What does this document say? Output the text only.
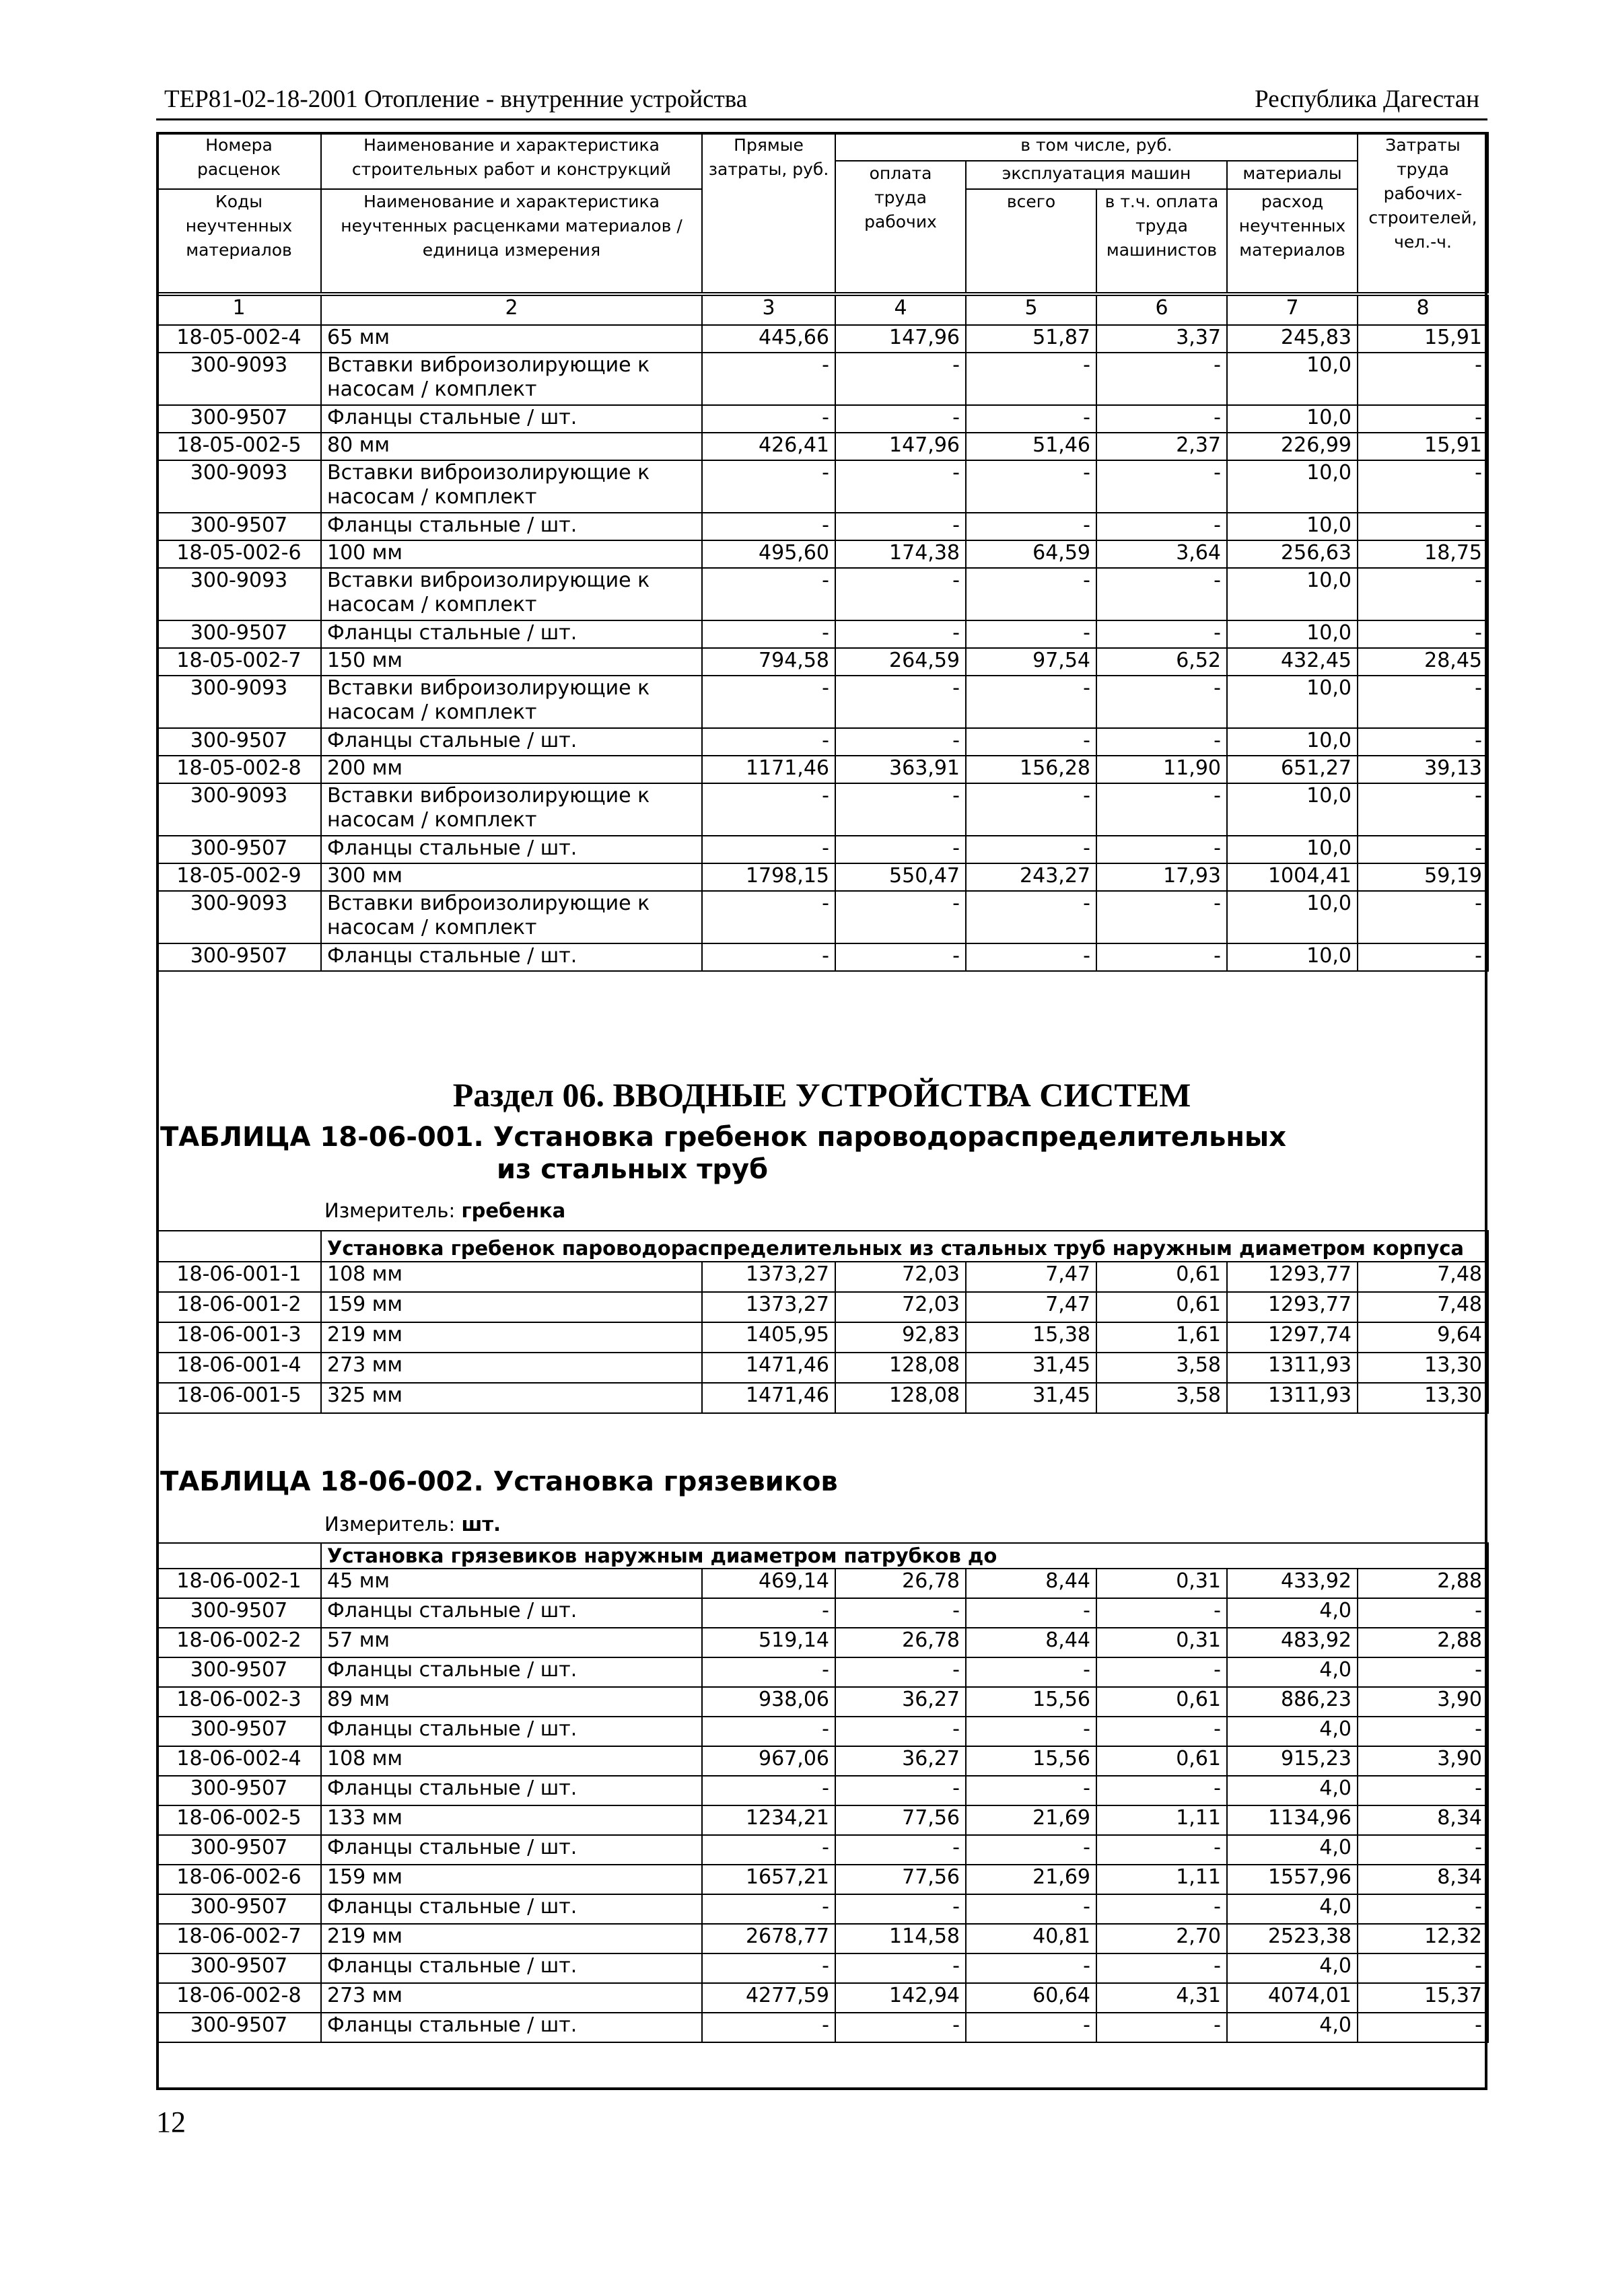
ТЕР81-02-18-2001 Отопление - внутренние устройства	Республика Дагестан
Номера расценок	Наименование и характеристика строительных работ и конструкций	Прямые затраты, руб.	в том числе, руб.				Затраты труда рабочих-строителей, чел.-ч.
			оплата труда рабочих	эксплуатация машин		материалы	
Коды неучтенных материалов	Наименование и характеристика неучтенных расценками материалов / единица измерения			всего	в т.ч. оплата труда машинистов	расход неучтенных материалов	

1	2	3	4	5	6	7	8
18-05-002-4	65 мм	445,66	147,96	51,87	3,37	245,83	15,91
300-9093	Вставки виброизолирующие к насосам / комплект	-	-	-	-	10,0	-
300-9507	Фланцы стальные / шт.	-	-	-	-	10,0	-
18-05-002-5	80 мм	426,41	147,96	51,46	2,37	226,99	15,91
300-9093	Вставки виброизолирующие к насосам / комплект	-	-	-	-	10,0	-
300-9507	Фланцы стальные / шт.	-	-	-	-	10,0	-
18-05-002-6	100 мм	495,60	174,38	64,59	3,64	256,63	18,75
300-9093	Вставки виброизолирующие к насосам / комплект	-	-	-	-	10,0	-
300-9507	Фланцы стальные / шт.	-	-	-	-	10,0	-
18-05-002-7	150 мм	794,58	264,59	97,54	6,52	432,45	28,45
300-9093	Вставки виброизолирующие к насосам / комплект	-	-	-	-	10,0	-
300-9507	Фланцы стальные / шт.	-	-	-	-	10,0	-
18-05-002-8	200 мм	1171,46	363,91	156,28	11,90	651,27	39,13
300-9093	Вставки виброизолирующие к насосам / комплект	-	-	-	-	10,0	-
300-9507	Фланцы стальные / шт.	-	-	-	-	10,0	-
18-05-002-9	300 мм	1798,15	550,47	243,27	17,93	1004,41	59,19
300-9093	Вставки виброизолирующие к насосам / комплект	-	-	-	-	10,0	-
300-9507	Фланцы стальные / шт.	-	-	-	-	10,0	-
Раздел 06. ВВОДНЫЕ УСТРОЙСТВА СИСТЕМ
ТАБЛИЦА 18-06-001. Установка гребенок пароводораспределительных
из стальных труб
Измеритель: гребенка
	Установка гребенок пароводораспределительных из стальных труб наружным диаметром корпуса						
18-06-001-1	108 мм	1373,27	72,03	7,47	0,61	1293,77	7,48
18-06-001-2	159 мм	1373,27	72,03	7,47	0,61	1293,77	7,48
18-06-001-3	219 мм	1405,95	92,83	15,38	1,61	1297,74	9,64
18-06-001-4	273 мм	1471,46	128,08	31,45	3,58	1311,93	13,30
18-06-001-5	325 мм	1471,46	128,08	31,45	3,58	1311,93	13,30
ТАБЛИЦА 18-06-002. Установка грязевиков
Измеритель: шт.
	Установка грязевиков наружным диаметром патрубков до						
18-06-002-1	45 мм	469,14	26,78	8,44	0,31	433,92	2,88
300-9507	Фланцы стальные / шт.	-	-	-	-	4,0	-
18-06-002-2	57 мм	519,14	26,78	8,44	0,31	483,92	2,88
300-9507	Фланцы стальные / шт.	-	-	-	-	4,0	-
18-06-002-3	89 мм	938,06	36,27	15,56	0,61	886,23	3,90
300-9507	Фланцы стальные / шт.	-	-	-	-	4,0	-
18-06-002-4	108 мм	967,06	36,27	15,56	0,61	915,23	3,90
300-9507	Фланцы стальные / шт.	-	-	-	-	4,0	-
18-06-002-5	133 мм	1234,21	77,56	21,69	1,11	1134,96	8,34
300-9507	Фланцы стальные / шт.	-	-	-	-	4,0	-
18-06-002-6	159 мм	1657,21	77,56	21,69	1,11	1557,96	8,34
300-9507	Фланцы стальные / шт.	-	-	-	-	4,0	-
18-06-002-7	219 мм	2678,77	114,58	40,81	2,70	2523,38	12,32
300-9507	Фланцы стальные / шт.	-	-	-	-	4,0	-
18-06-002-8	273 мм	4277,59	142,94	60,64	4,31	4074,01	15,37
300-9507	Фланцы стальные / шт.	-	-	-	-	4,0	-
12
